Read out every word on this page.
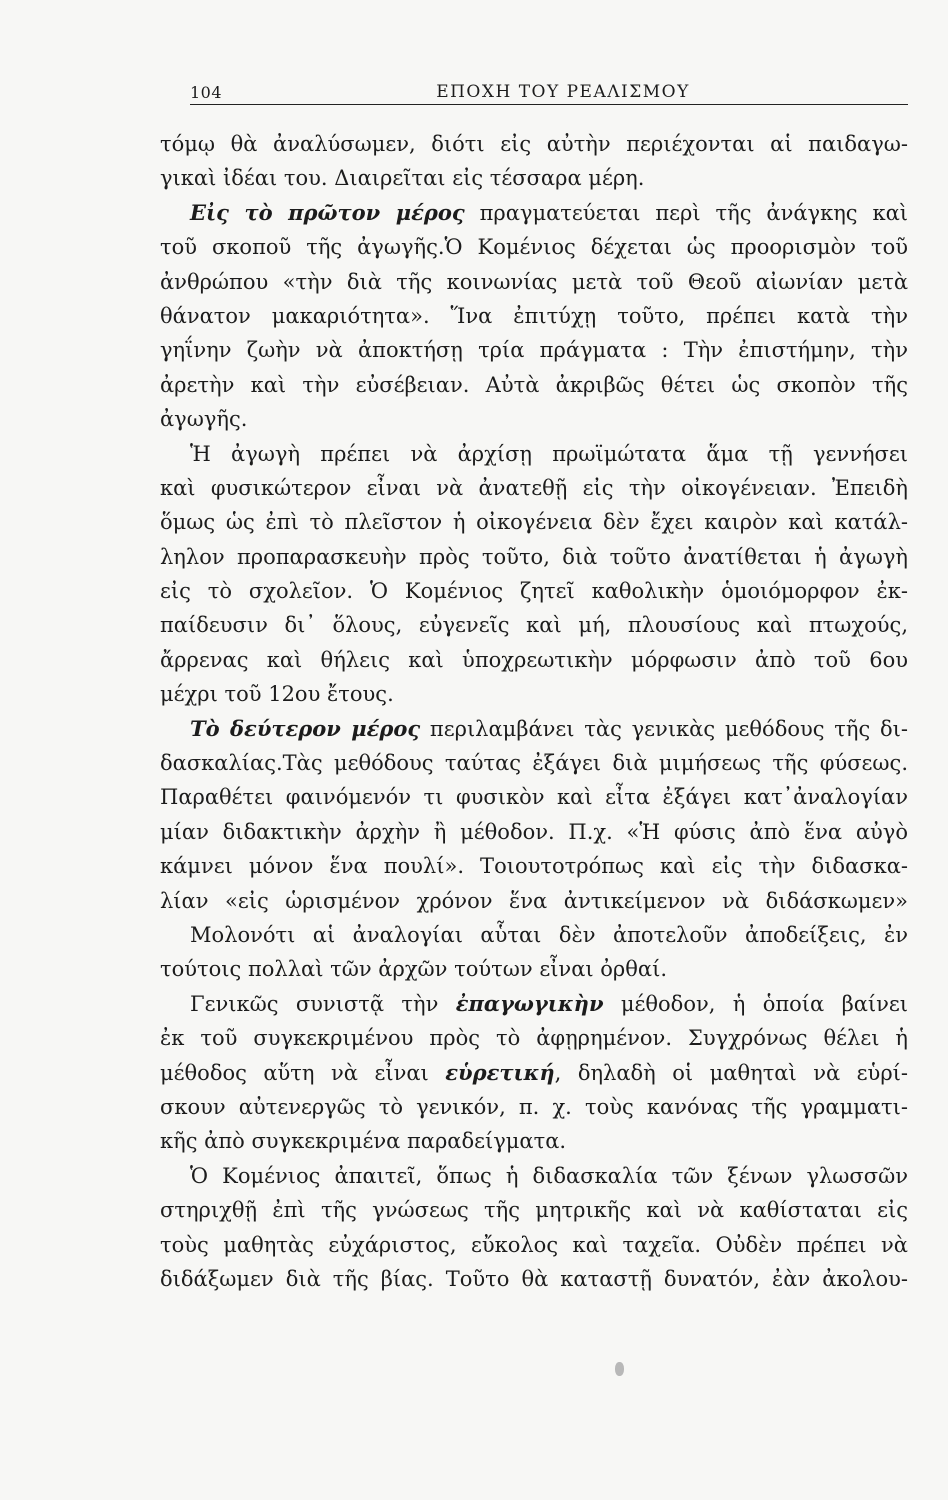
104	ΕΠΟΧΗ ΤΟΥ ΡΕΑΛΙΣΜΟΥ
τόμῳ θὰ ἀναλύσωμεν, διότι εἰς αὐτὴν περιέχονται αἱ παιδαγω-
γικαὶ ἰδέαι του. Διαιρεῖται εἰς τέσσαρα μέρη.
Εἰς τὸ πρῶτον μέρος πραγματεύεται περὶ τῆς ἀνάγκης καὶ
τοῦ σκοποῦ τῆς ἀγωγῆς.Ὁ Κομένιος δέχεται ὡς προορισμὸν τοῦ
ἀνθρώπου «τὴν διὰ τῆς κοινωνίας μετὰ τοῦ Θεοῦ αἰωνίαν μετὰ
θάνατον μακαριότητα». Ἵνα ἐπιτύχῃ τοῦτο, πρέπει κατὰ τὴν
γηΐνην ζωὴν νὰ ἀποκτήσῃ τρία πράγματα : Τὴν ἐπιστήμην, τὴν
ἀρετὴν καὶ τὴν εὐσέβειαν. Αὐτὰ ἀκριβῶς θέτει ὡς σκοπὸν τῆς
ἀγωγῆς.
Ἡ ἀγωγὴ πρέπει νὰ ἀρχίσῃ πρωϊμώτατα ἅμα τῇ γεννήσει
καὶ φυσικώτερον εἶναι νὰ ἀνατεθῇ εἰς τὴν οἰκογένειαν. Ἐπειδὴ
ὅμως ὡς ἐπὶ τὸ πλεῖστον ἡ οἰκογένεια δὲν ἔχει καιρὸν καὶ κατάλ-
ληλον προπαρασκευὴν πρὸς τοῦτο, διὰ τοῦτο ἀνατίθεται ἡ ἀγωγὴ
εἰς τὸ σχολεῖον. Ὁ Κομένιος ζητεῖ καθολικὴν ὁμοιόμορφον ἐκ-
παίδευσιν δι᾽ ὅλους, εὐγενεῖς καὶ μή, πλουσίους καὶ πτωχούς,
ἄρρενας καὶ θήλεις καὶ ὑποχρεωτικὴν μόρφωσιν ἀπὸ τοῦ 6ου
μέχρι τοῦ 12ου ἔτους.
Τὸ δεύτερον μέρος περιλαμβάνει τὰς γενικὰς μεθόδους τῆς δι-
δασκαλίας.Τὰς μεθόδους ταύτας ἐξάγει διὰ μιμήσεως τῆς φύσεως.
Παραθέτει φαινόμενόν τι φυσικὸν καὶ εἶτα ἐξάγει κατ᾽ἀναλογίαν
μίαν διδακτικὴν ἀρχὴν ἢ μέθοδον. Π.χ. «Ἡ φύσις ἀπὸ ἕνα αὐγὸ
κάμνει μόνον ἕνα πουλί». Τοιουτοτρόπως καὶ εἰς τὴν διδασκα-
λίαν «εἰς ὡρισμένον χρόνον ἕνα ἀντικείμενον νὰ διδάσκωμεν»
Μολονότι αἱ ἀναλογίαι αὗται δὲν ἀποτελοῦν ἀποδείξεις, ἐν
τούτοις πολλαὶ τῶν ἀρχῶν τούτων εἶναι ὀρθαί.
Γενικῶς συνιστᾷ τὴν ἐπαγωγικὴν μέθοδον, ἡ ὁποία βαίνει
ἐκ τοῦ συγκεκριμένου πρὸς τὸ ἀφῃρημένον. Συγχρόνως θέλει ἡ
μέθοδος αὕτη νὰ εἶναι εὑρετική, δηλαδὴ οἱ μαθηταὶ νὰ εὑρί-
σκουν αὐτενεργῶς τὸ γενικόν, π. χ. τοὺς κανόνας τῆς γραμματι-
κῆς ἀπὸ συγκεκριμένα παραδείγματα.
Ὁ Κομένιος ἀπαιτεῖ, ὅπως ἡ διδασκαλία τῶν ξένων γλωσσῶν
στηριχθῇ ἐπὶ τῆς γνώσεως τῆς μητρικῆς καὶ νὰ καθίσταται εἰς
τοὺς μαθητὰς εὐχάριστος, εὔκολος καὶ ταχεῖα. Οὐδὲν πρέπει νὰ
διδάξωμεν διὰ τῆς βίας. Τοῦτο θὰ καταστῇ δυνατόν, ἐὰν ἀκολου-
